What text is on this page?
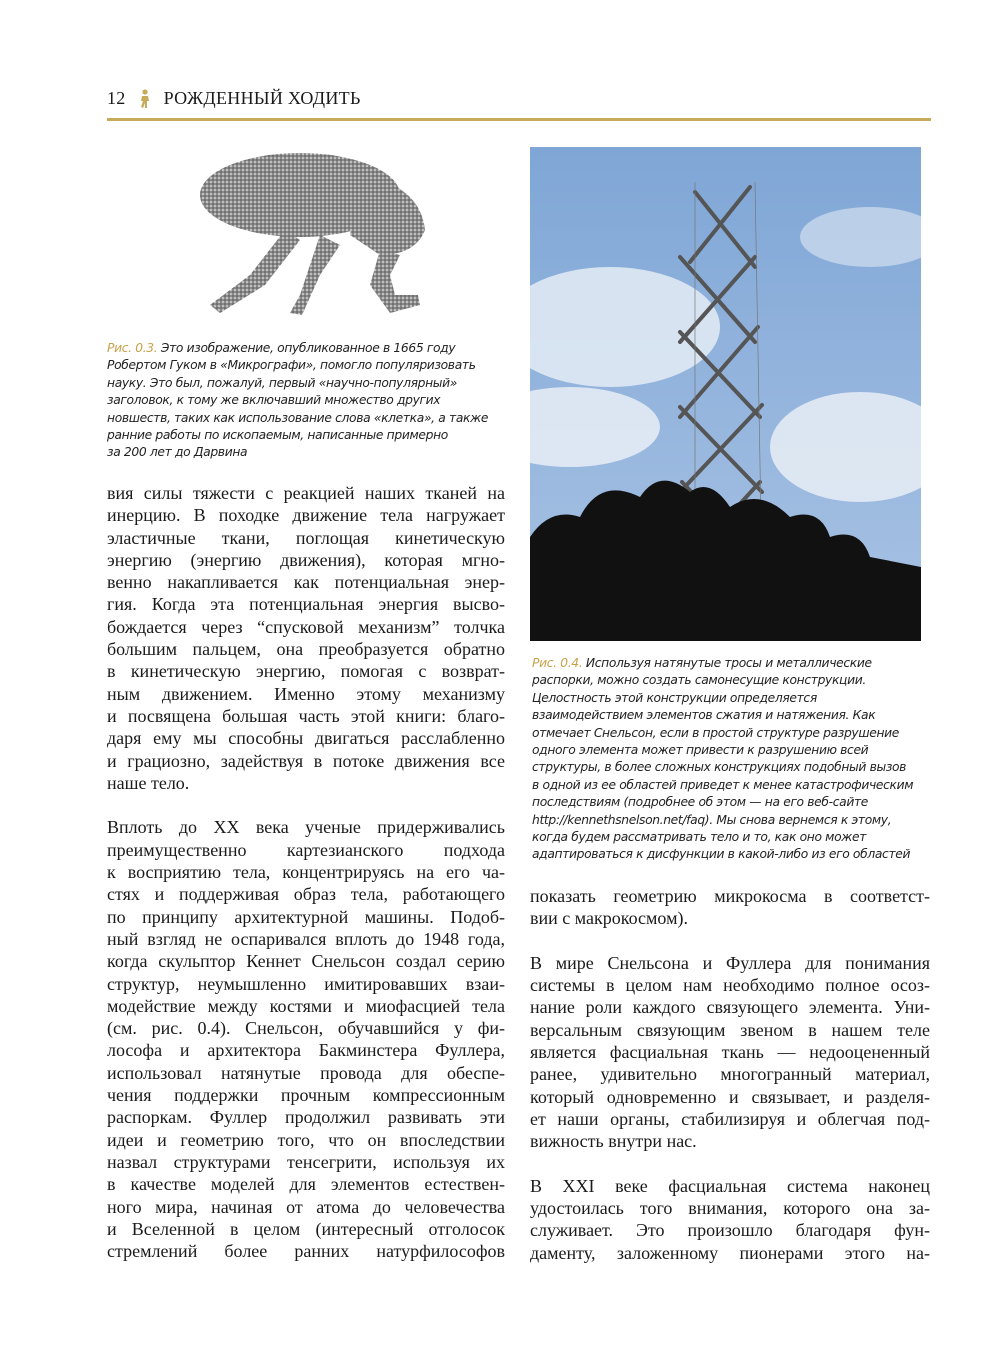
12 РОЖДЕННЫЙ ХОДИТЬ
Рис. 0.3. Это изображение, опубликованное в 1665 году
Робертом Гуком в «Микрографи», помогло популяризовать
науку. Это был, пожалуй, первый «научно-популярный»
заголовок, к тому же включавший множество других
новшеств, таких как использование слова «клетка», а также
ранние работы по ископаемым, написанные примерно
за 200 лет до Дарвина
Рис. 0.4. Используя натянутые тросы и металлические
распорки, можно создать самонесущие конструкции.
Целостность этой конструкции определяется
взаимодействием элементов сжатия и натяжения. Как
отмечает Снельсон, если в простой структуре разрушение
одного элемента может привести к разрушению всей
структуры, в более сложных конструкциях подобный вызов
в одной из ее областей приведет к менее катастрофическим
последствиям (подробнее об этом — на его веб-сайте
http://kennethsnelson.net/faq). Мы снова вернемся к этому,
когда будем рассматривать тело и то, как оно может
адаптироваться к дисфункции в какой-либо из его областей
вия силы тяжести с реакцией наших тканей на
инерцию. В походке движение тела нагружает
эластичные ткани, поглощая кинетическую
энергию (энергию движения), которая мгно-
венно накапливается как потенциальная энер-
гия. Когда эта потенциальная энергия высво-
бождается через “спусковой механизм” толчка
большим пальцем, она преобразуется обратно
в кинетическую энергию, помогая с возврат-
ным движением. Именно этому механизму
и посвящена большая часть этой книги: благо-
даря ему мы способны двигаться расслабленно
и грациозно, задействуя в потоке движения все
наше тело.
Вплоть до XX века ученые придерживались
преимущественно картезианского подхода
к восприятию тела, концентрируясь на его ча-
стях и поддерживая образ тела, работающего
по принципу архитектурной машины. Подоб-
ный взгляд не оспаривался вплоть до 1948 года,
когда скульптор Кеннет Снельсон создал серию
структур, неумышленно имитировавших взаи-
модействие между костями и миофасцией тела
(см. рис. 0.4). Снельсон, обучавшийся у фи-
лософа и архитектора Бакминстера Фуллера,
использовал натянутые провода для обеспе-
чения поддержки прочным компрессионным
распоркам. Фуллер продолжил развивать эти
идеи и геометрию того, что он впоследствии
назвал структурами тенсегрити, используя их
в качестве моделей для элементов естествен-
ного мира, начиная от атома до человечества
и Вселенной в целом (интересный отголосок
стремлений более ранних натурфилософов
показать геометрию микрокосма в соответст-
вии с макрокосмом).
В мире Снельсона и Фуллера для понимания
системы в целом нам необходимо полное осоз-
нание роли каждого связующего элемента. Уни-
версальным связующим звеном в нашем теле
является фасциальная ткань — недооцененный
ранее, удивительно многогранный материал,
который одновременно и связывает, и разделя-
ет наши органы, стабилизируя и облегчая под-
вижность внутри нас.
В XXI веке фасциальная система наконец
удостоилась того внимания, которого она за-
служивает. Это произошло благодаря фун-
даменту, заложенному пионерами этого на-
